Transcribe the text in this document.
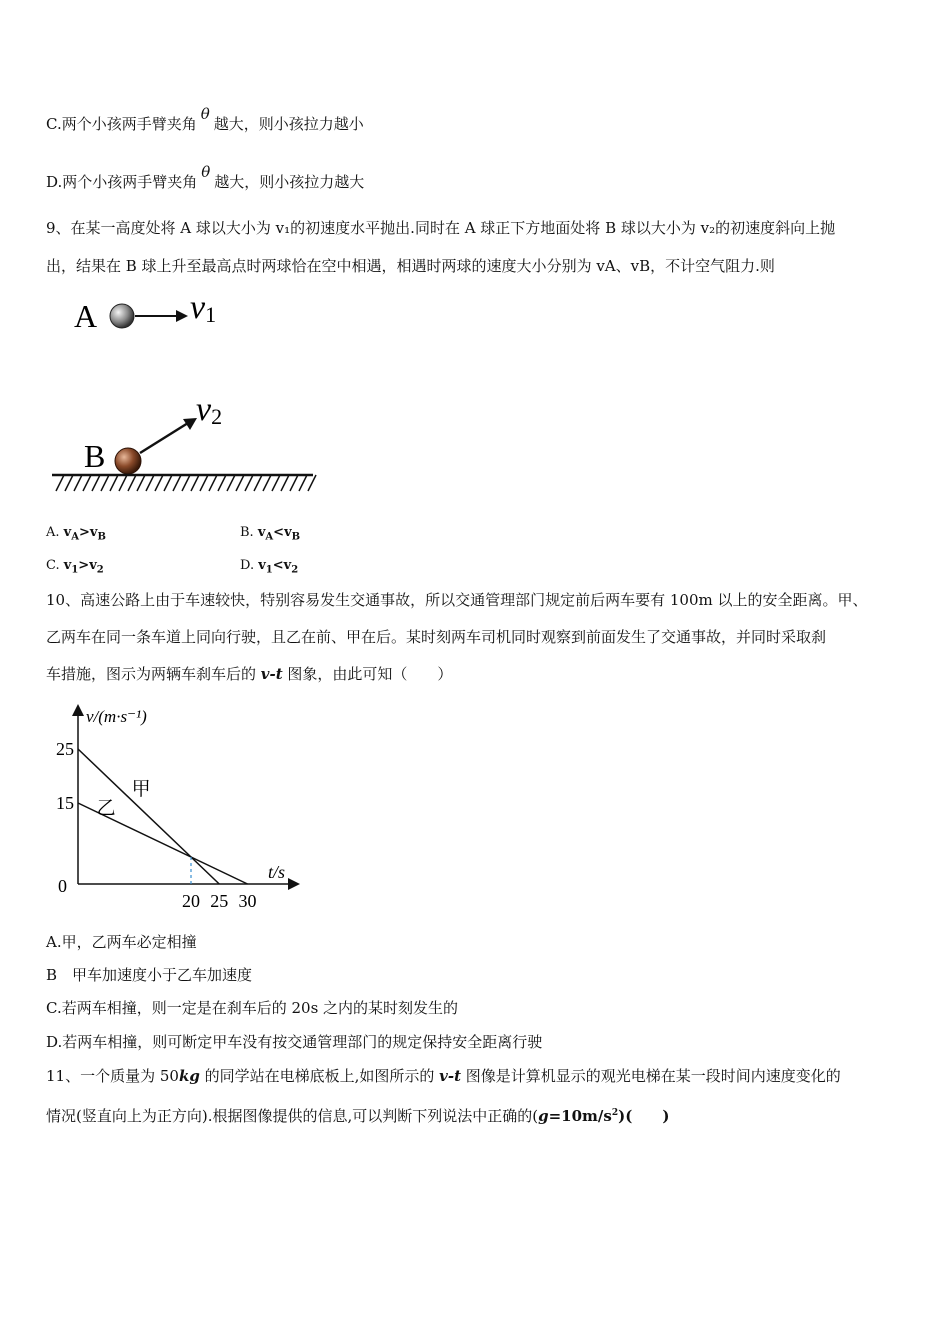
C.两个小孩两手臂夹角θ越大，则小孩拉力越小
D.两个小孩两手臂夹角θ越大，则小孩拉力越大
9、在某一高度处将 A 球以大小为 v₁的初速度水平抛出.同时在 A 球正下方地面处将 B 球以大小为 v₂的初速度斜向上抛
出，结果在 B 球上升至最高点时两球恰在空中相遇，相遇时两球的速度大小分别为 vA、vB，不计空气阻力.则
A	v1
B
v2
A. $v_A>v_B$	B. $v_A<v_B$
C. $v_1>v_2$	D. $v_1<v_2$
10、高速公路上由于车速较快，特别容易发生交通事故，所以交通管理部门规定前后两车要有 100m 以上的安全距离。甲、
乙两车在同一条车道上同向行驶，且乙在前、甲在后。某时刻两车司机同时观察到前面发生了交通事故，并同时采取刹
车措施，图示为两辆车刹车后的 v-t 图象，由此可知（　　）
v/(m·s⁻¹)
t/s
0
甲
乙
20 25 30
25
15
A.甲，乙两车必定相撞
B　甲车加速度小于乙车加速度
C.若两车相撞，则一定是在刹车后的 20s 之内的某时刻发生的
D.若两车相撞，则可断定甲车没有按交通管理部门的规定保持安全距离行驶
11、一个质量为 50kg 的同学站在电梯底板上,如图所示的 v-t 图像是计算机显示的观光电梯在某一段时间内速度变化的
情况(竖直向上为正方向).根据图像提供的信息,可以判断下列说法中正确的$(g=10m/s^2)$(　　)
